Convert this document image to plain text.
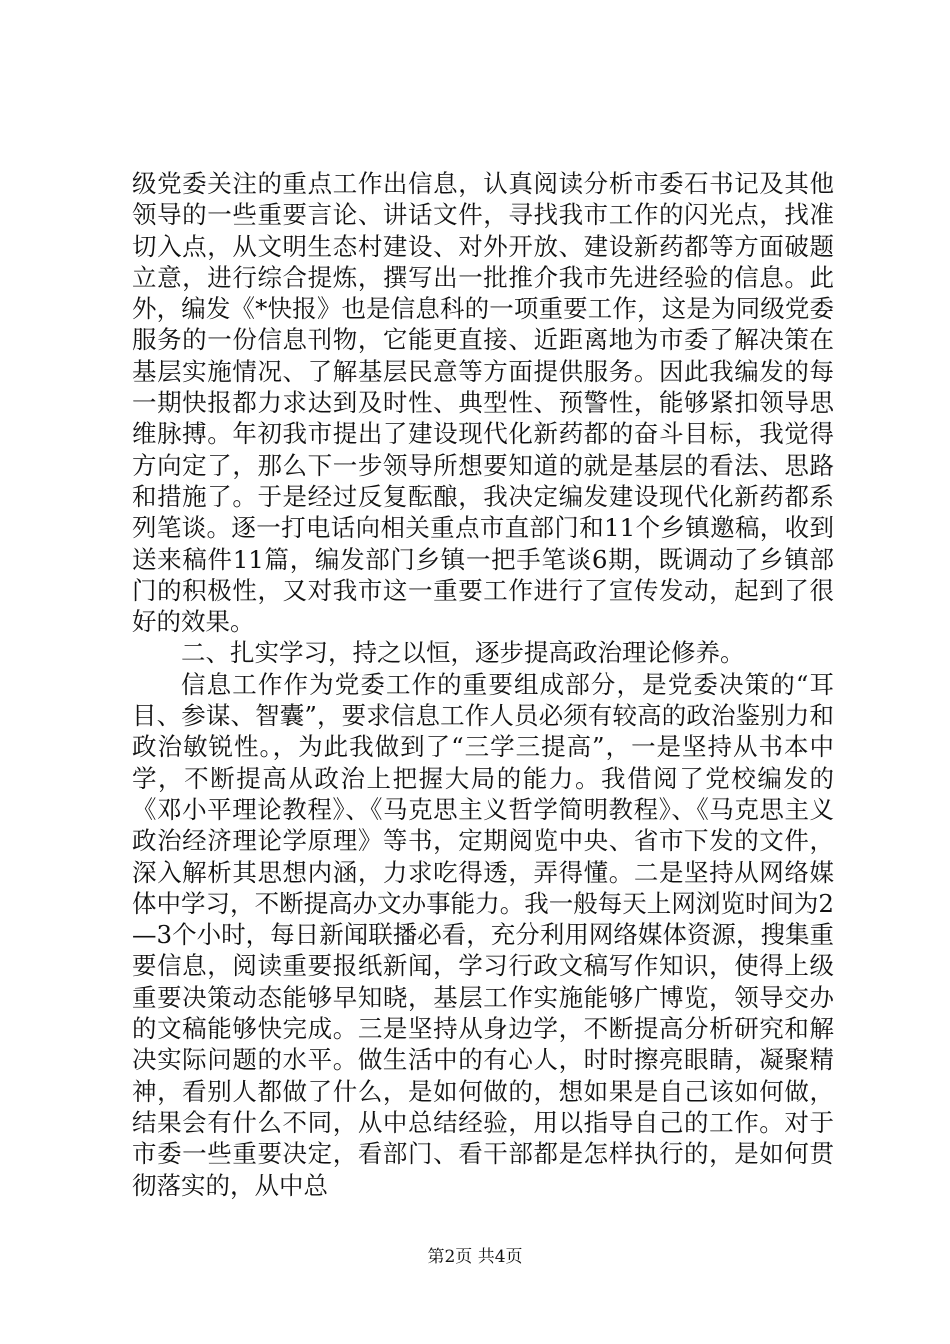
级党委关注的重点工作出信息，认真阅读分析市委石书记及其他领导的一些重要言论、讲话文件，寻找我市工作的闪光点，找准切入点，从文明生态村建设、对外开放、建设新药都等方面破题立意，进行综合提炼，撰写出一批推介我市先进经验的信息。此外，编发《*快报》也是信息科的一项重要工作，这是为同级党委服务的一份信息刊物，它能更直接、近距离地为市委了解决策在基层实施情况、了解基层民意等方面提供服务。因此我编发的每一期快报都力求达到及时性、典型性、预警性，能够紧扣领导思维脉搏。年初我市提出了建设现代化新药都的奋斗目标，我觉得方向定了，那么下一步领导所想要知道的就是基层的看法、思路和措施了。于是经过反复酝酿，我决定编发建设现代化新药都系列笔谈。逐一打电话向相关重点市直部门和11个乡镇邀稿，收到送来稿件11篇，编发部门乡镇一把手笔谈6期，既调动了乡镇部门的积极性，又对我市这一重要工作进行了宣传发动，起到了很好的效果。

二、扎实学习，持之以恒，逐步提高政治理论修养。

信息工作作为党委工作的重要组成部分，是党委决策的“耳目、参谋、智囊”，要求信息工作人员必须有较高的政治鉴别力和政治敏锐性。，为此我做到了“三学三提高”，一是坚持从书本中学，不断提高从政治上把握大局的能力。我借阅了党校编发的《邓小平理论教程》、《马克思主义哲学简明教程》、《马克思主义政治经济理论学原理》等书，定期阅览中央、省市下发的文件，深入解析其思想内涵，力求吃得透，弄得懂。二是坚持从网络媒体中学习，不断提高办文办事能力。我一般每天上网浏览时间为2—3个小时，每日新闻联播必看，充分利用网络媒体资源，搜集重要信息，阅读重要报纸新闻，学习行政文稿写作知识，使得上级重要决策动态能够早知晓，基层工作实施能够广博览，领导交办的文稿能够快完成。三是坚持从身边学，不断提高分析研究和解决实际问题的水平。做生活中的有心人，时时擦亮眼睛，凝聚精神，看别人都做了什么，是如何做的，想如果是自己该如何做，结果会有什么不同，从中总结经验，用以指导自己的工作。对于市委一些重要决定，看部门、看干部都是怎样执行的，是如何贯彻落实的，从中总

第2页 共4页
